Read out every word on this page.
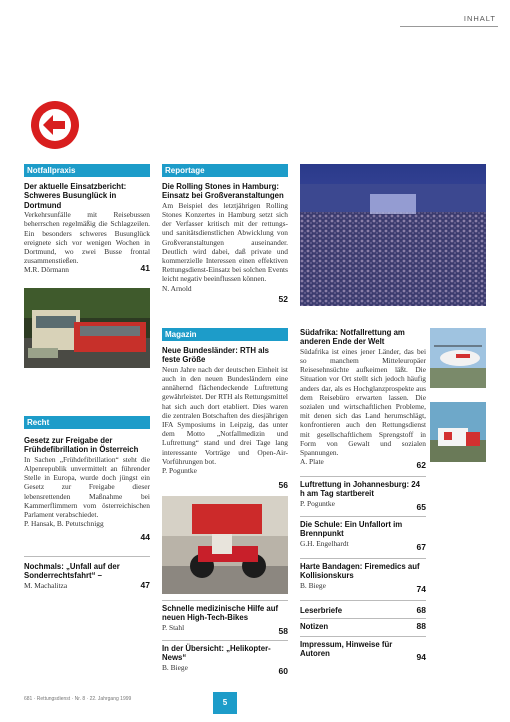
INHALT
Notfallpraxis
Der aktuelle Einsatzbericht: Schweres Busunglück in Dortmund
Verkehrsunfälle mit Reisebussen beherrschen regelmäßig die Schlagzeilen. Ein besonders schweres Busunglück ereignete sich vor wenigen Wochen in Dortmund, wo zwei Busse frontal zusammenstießen.
M.R. Dörmann	41
Recht
Gesetz zur Freigabe der Frühdefibrillation in Österreich
In Sachen „Frühdefibrillation“ steht die Alpenrepublik unvermittelt an führender Stelle in Europa, wurde doch jüngst ein Gesetz zur Freigabe dieser lebensrettenden Maßnahme bei Kammerflimmern vom österreichischen Parlament verabschiedet.
P. Hansak, B. Petutschnigg
44
Nochmals: „Unfall auf der Sonderrechtsfahrt“ –
M. Machalitza	47
Reportage
Die Rolling Stones in Hamburg: Einsatz bei Großveranstaltungen
Am Beispiel des letztjährigen Rolling Stones Konzertes in Hamburg setzt sich der Verfasser kritisch mit der rettungs- und sanitätsdienstlichen Abwicklung von Großveranstaltungen auseinander. Deutlich wird dabei, daß private und kommerzielle Interessen einen effektiven Rettungsdienst-Einsatz bei solchen Events leicht negativ beeinflussen können.
N. Arnold
52
Magazin
Neue Bundesländer: RTH als feste Größe
Neun Jahre nach der deutschen Einheit ist auch in den neuen Bundesländern eine annähernd flächendeckende Luftrettung gewährleistet. Der RTH als Rettungsmittel hat sich auch dort etabliert. Dies waren die zentralen Botschaften des diesjährigen IFA Symposiums in Leipzig, das unter dem Motto „Notfallmedizin und Luftrettung“ stand und drei Tage lang interessante Vorträge und Open-Air-Vorführungen bot.
P. Poguntke
56
Schnelle medizinische Hilfe auf neuen High-Tech-Bikes
P. Stahl	58
In der Übersicht: „Helikopter-News“
B. Biege	60
Südafrika: Notfallrettung am anderen Ende der Welt
Südafrika ist eines jener Länder, das bei so manchem Mitteleuropäer Reisesehnsüchte aufkeimen läßt. Die Situation vor Ort stellt sich jedoch häufig anders dar, als es Hochglanzprospekte aus dem Reisebüro erwarten lassen. Die sozialen und wirtschaftlichen Probleme, mit denen sich das Land herumschlägt, konfrontieren auch den Rettungsdienst mit gesellschaftlichem Sprengstoff in Form von Gewalt und sozialen Spannungen.
A. Plate	62
Luftrettung in Johannesburg: 24 h am Tag startbereit
P. Poguntke	65
Die Schule: Ein Unfallort im Brennpunkt
G.H. Engelhardt	67
Harte Bandagen: Firemedics auf Kollisionskurs
B. Biege	74
Leserbriefe	68
Notizen	88
Impressum, Hinweise für Autoren	94
681 · Rettungsdienst · Nr. 8 · 22. Jahrgang 1999	5
